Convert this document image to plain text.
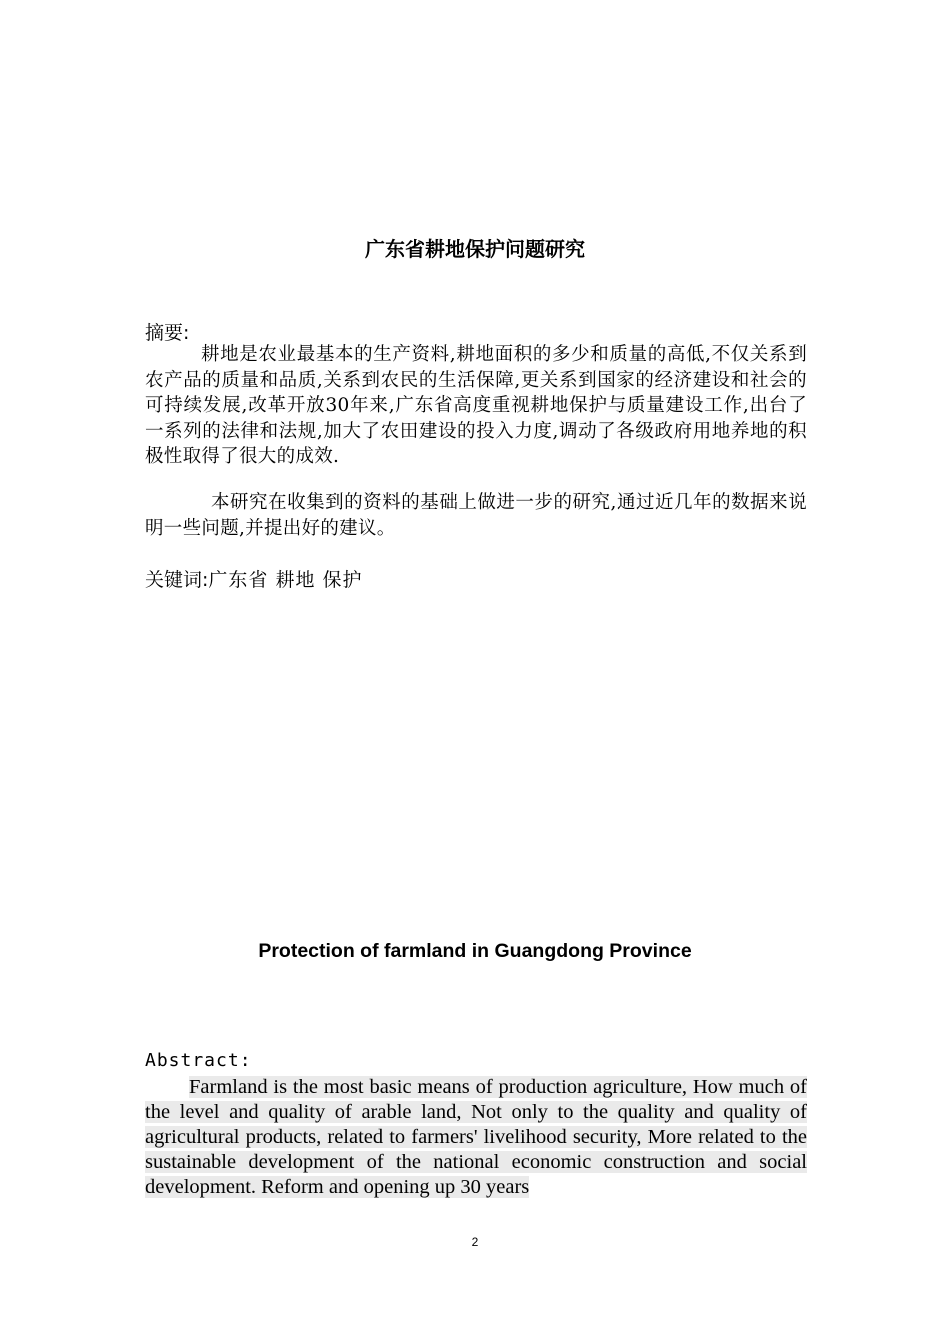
广东省耕地保护问题研究
摘要:

耕地是农业最基本的生产资料,耕地面积的多少和质量的高低,不仅关系到农产品的质量和品质,关系到农民的生活保障,更关系到国家的经济建设和社会的可持续发展,改革开放30年来,广东省高度重视耕地保护与质量建设工作,出台了一系列的法律和法规,加大了农田建设的投入力度,调动了各级政府用地养地的积极性取得了很大的成效.

本研究在收集到的资料的基础上做进一步的研究,通过近几年的数据来说明一些问题,并提出好的建议。

关键词:广东省 耕地 保护
Protection of farmland in Guangdong Province
Abstract:

Farmland is the most basic means of production agriculture, How much of the level and quality of arable land, Not only to the quality and quality of agricultural products, related to farmers' livelihood security, More related to the sustainable development of the national economic construction and social development. Reform and opening up 30 years

2
